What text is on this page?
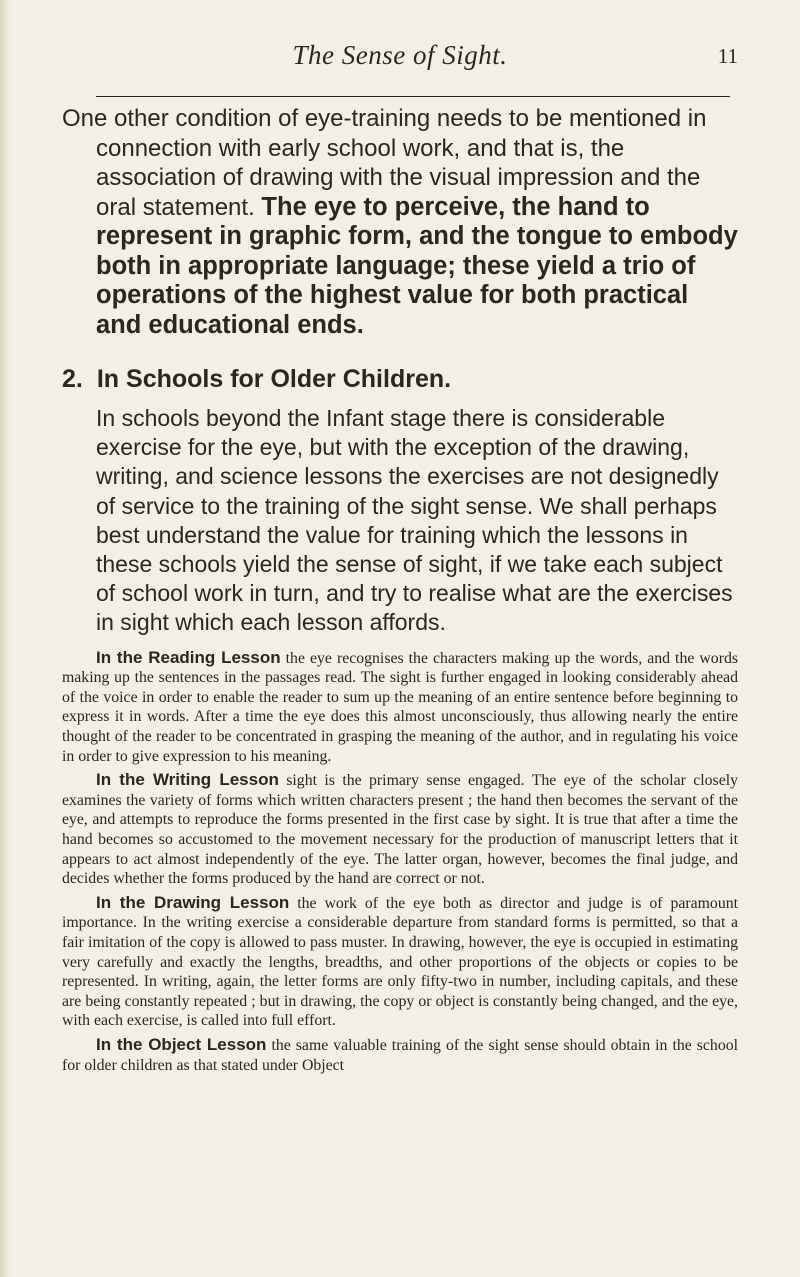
The Sense of Sight.	11

One other condition of eye-training needs to be mentioned in connection with early school work, and that is, the association of drawing with the visual impression and the oral statement. The eye to perceive, the hand to represent in graphic form, and the tongue to embody both in appropriate language; these yield a trio of operations of the highest value for both practical and educational ends.

2. In Schools for Older Children.

In schools beyond the Infant stage there is considerable exercise for the eye, but with the exception of the drawing, writing, and science lessons the exercises are not designedly of service to the training of the sight sense. We shall perhaps best understand the value for training which the lessons in these schools yield the sense of sight, if we take each subject of school work in turn, and try to realise what are the exercises in sight which each lesson affords.

In the Reading Lesson the eye recognises the characters making up the words, and the words making up the sentences in the passages read. The sight is further engaged in looking considerably ahead of the voice in order to enable the reader to sum up the meaning of an entire sentence before beginning to express it in words. After a time the eye does this almost unconsciously, thus allowing nearly the entire thought of the reader to be concentrated in grasping the meaning of the author, and in regulating his voice in order to give expression to his meaning.

In the Writing Lesson sight is the primary sense engaged. The eye of the scholar closely examines the variety of forms which written characters present ; the hand then becomes the servant of the eye, and attempts to reproduce the forms presented in the first case by sight. It is true that after a time the hand becomes so accustomed to the movement necessary for the production of manuscript letters that it appears to act almost independently of the eye. The latter organ, however, becomes the final judge, and decides whether the forms produced by the hand are correct or not.

In the Drawing Lesson the work of the eye both as director and judge is of paramount importance. In the writing exercise a considerable departure from standard forms is permitted, so that a fair imitation of the copy is allowed to pass muster. In drawing, however, the eye is occupied in estimating very carefully and exactly the lengths, breadths, and other proportions of the objects or copies to be represented. In writing, again, the letter forms are only fifty-two in number, including capitals, and these are being constantly repeated ; but in drawing, the copy or object is constantly being changed, and the eye, with each exercise, is called into full effort.

In the Object Lesson the same valuable training of the sight sense should obtain in the school for older children as that stated under Object
